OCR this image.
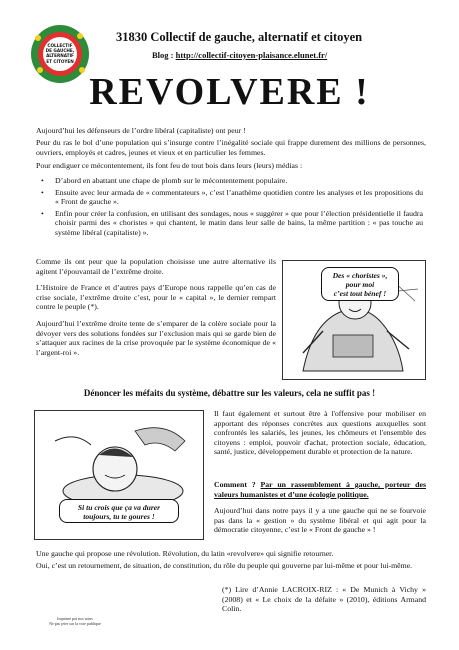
COLLECTIF
DE GAUCHE,
ALTERNATIF
ET CITOYEN
31830 Collectif de gauche, alternatif et citoyen
Blog : http://collectif-citoyen-plaisance.elunet.fr/
REVOLVERE !

Aujourd’hui les défenseurs de l’ordre libéral (capitaliste) ont peur !

Peur du ras le bol d’une population qui s’insurge contre l’inégalité sociale qui frappe durement des millions de personnes, ouvriers, employés et cadres, jeunes et vieux et en particulier les femmes.

Pour endiguer ce mécontentement, ils font feu de tout bois dans leurs (leurs) médias :

• D’abord en abattant une chape de plomb sur le mécontentement populaire.
• Ensuite avec leur armada de « commentateurs », c’est l’anathème quotidien contre les analyses et les propositions du « Front de gauche ».
• Enfin pour créer la confusion, en utilisant des sondages, nous « suggérer » que pour l’élection présidentielle il faudra choisir parmi des « choristes » qui chantent, le matin dans leur salle de bains, la même partition : « pas touche au système libéral (capitaliste) ».

Comme ils ont peur que la population choisisse une autre alternative ils agitent l’épouvantail de l’extrême droite.

L’Histoire de France et d’autres pays d’Europe nous rappelle qu’en cas de crise sociale, l’extrême droite c’est, pour le « capital », le dernier rempart contre le peuple (*).

Aujourd’hui l’extrême droite tente de s’emparer de la colère sociale pour la dévoyer vers des solutions fondées sur l’exclusion mais qui se garde bien de s’attaquer aux racines de la crise provoquée par le système économique de « l’argent-roi ».

Des « choristes »,
pour moi
c’est tout bénef !
Dénoncer les méfaits du système, débattre sur les valeurs, cela ne suffit pas !
Si tu crois que ça va durer
toujours, tu te goures !

Il faut également et surtout être à l'offensive pour mobiliser en apportant des réponses concrètes aux questions auxquelles sont confrontés les salariés, les jeunes, les chômeurs et l'ensemble des citoyens : emploi, pouvoir d'achat, protection sociale, éducation, santé, justice, développement durable et protection de la nature.

Comment ? Par un rassemblement à gauche, porteur des valeurs humanistes et d’une écologie politique.

Aujourd’hui dans notre pays il y a une gauche qui ne se fourvoie pas dans la « gestion » du système libéral et qui agit pour la démocratie citoyenne, c’est le « Front de gauche » !

Une gauche qui propose une révolution. Révolution, du latin «revolvere» qui signifie retourner.

Oui, c’est un retournement, de situation, de constitution, du rôle du peuple qui gouverne par lui-même et pour lui-même.

(*) Lire d’Annie LACROIX-RIZ : « De Munich à Vichy » (2008) et « Le choix de la défaite » (2010), éditions Armand Colin.

Imprimé par nos soins
Ne pas jeter sur la voie publique
